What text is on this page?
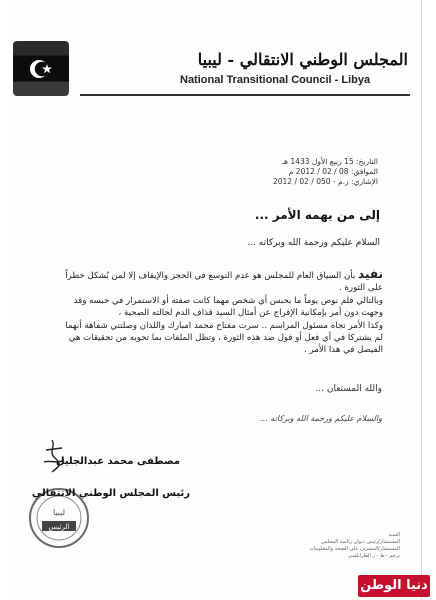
المجلس الوطني الانتقالي - ليبيا
National Transitional Council - Libya
التاريخ: 15 ربيع الأول 1433 هـ
الموافق: 08 / 02 / 2012 م
الإشاري: ر.م - 050 / 02 / 2012
إلى من يهمه الأمر ...
السلام عليكم ورحمة الله وبركاته ...

نفيد بأن السياق العام للمجلس هو عدم التوسع في الحجز والإيقاف إلا لمن يُشكل خطراً على الثورة .

وبالتالي فلم نوص يوماً ما بحبس أي شخص مهما كانت صفته أو الاستمرار في حبسه وقد وجهت دون أمر بإمكانية الإفراج عن أمثال السيد قذاف الدم لحالته الصحية ،

وكذا الأمر تجاه مسئول المراسم .. سرت مفتاح محمد امبارك واللذان وصلتني شفاهة أنهما لم يشتركا في أي فعل أو قول ضد هذه الثورة ، وتظل الملفات بما تحويه من تحقيقات هي الفيصل في هذا الأمر .

والله المستعان ...
والسلام عليكم ورحمة الله وبركاته ...
مصطفى محمد عبدالجليل
ليبيا
الرئيس
رئيس المجلس الوطني الانتقالي
السيد
المستشار/رئيس ديوان رئاسة المجلس
المستشار/المشرف على الصحة والمعلومات
يرجم - ط - ر الطرابلسي
دنيا الوطن
